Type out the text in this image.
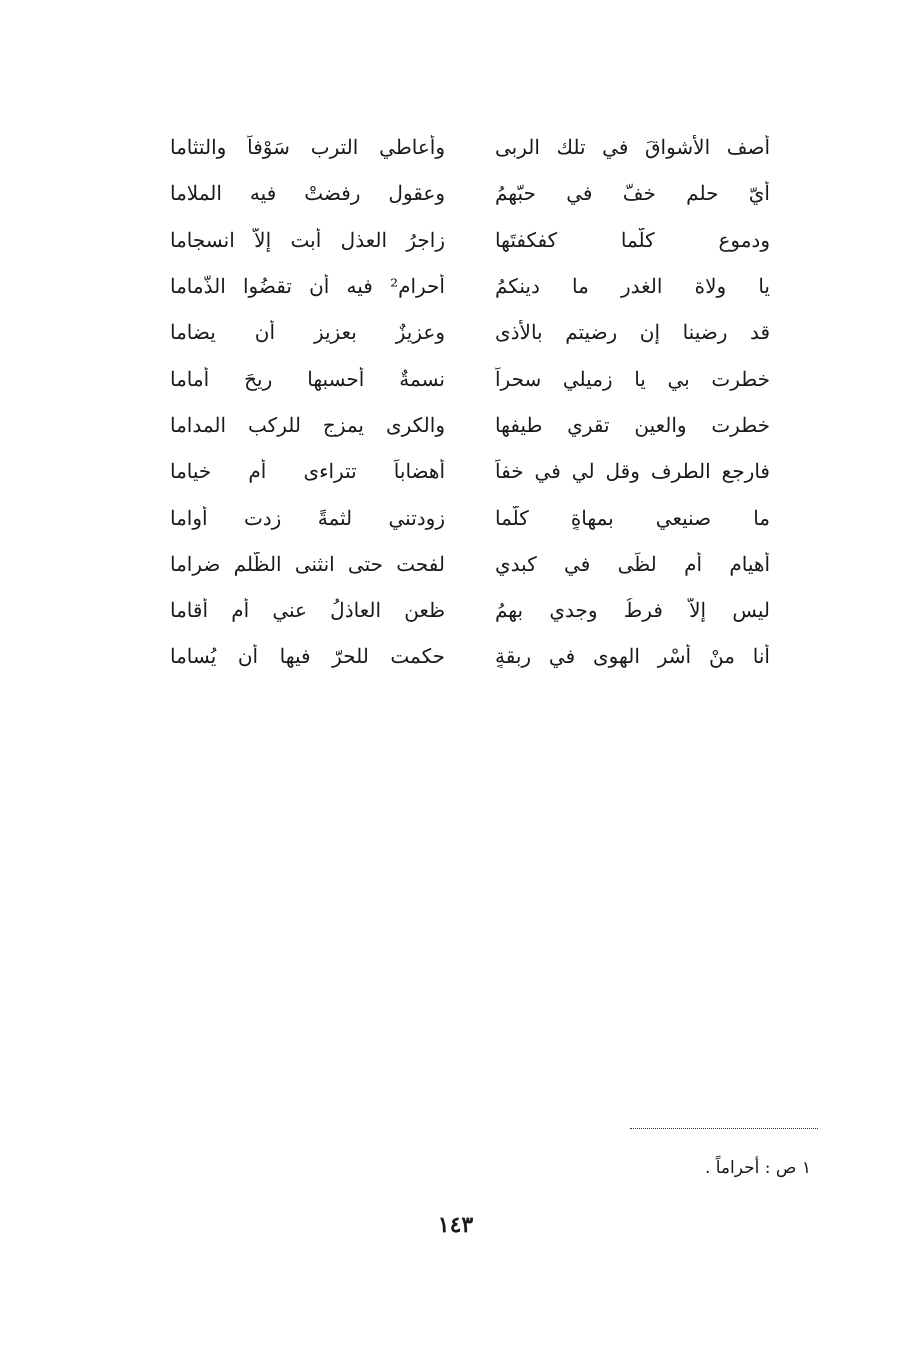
أصف الأشواقَ في تلك الربى
وأعاطي الترب سَوْفاً والتثاما
أيّ حلمٍ خفّ في حبّهمُ
وعقولٍ رفضتْ فيه الملاما
ودموعٍ كلّما كفكفتَها
زاجرُ العذلِ أبت إلاّ انسجاما
يا ولاة الغدرِ ما دينكمُ
أحرام² فيه أن تقضُوا الذّماما
قد رضينا إن رضيتم بالأذى
وعزيزٌ بعزيزٍ أن يضاما
خطرت بي يا زميلي سحراً
نسمةٌ أحسبها ريحَ أماما
خطرت والعين تقري طيفها
والكرى يمزج للركب المداما
فارجع الطرف وقل لي في خفاً
أهضاباً تتراءى أم خياما
ما صنيعي بمهاةٍ كلّما
زودتني لثمةً زدت أُواما
أهيام أم لظًى في كبدي
لفحت حتى انثنى الظّلم ضراما
ليس إلاّ فرطُ وجدي بهمُ
ظعن العاذلُ عني أم أقاما
أنا منْ أسْرِ الهوى في ربقةٍ
حكمت للحرّ فيها أن يُساما
١ ص : أحراماً .
١٤٣
